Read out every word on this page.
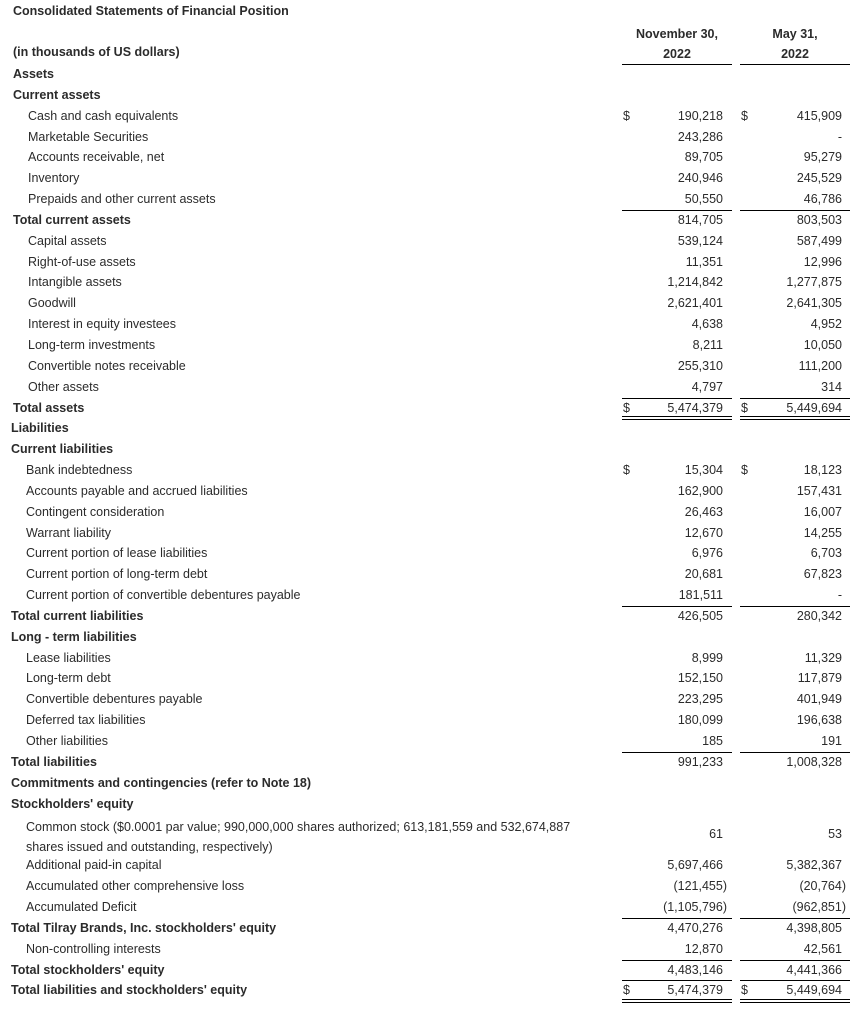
Consolidated Statements of Financial Position
November 30,
2022
May 31,
2022
(in thousands of US dollars)
Assets
Current assets
Cash and cash equivalents	$	190,218 $	415,909
Marketable Securities	243,286	-
Accounts receivable, net	89,705	95,279
Inventory	240,946	245,529
Prepaids and other current assets	50,550	46,786
Total current assets	814,705	803,503
Capital assets	539,124	587,499
Right-of-use assets	11,351	12,996
Intangible assets	1,214,842	1,277,875
Goodwill	2,621,401	2,641,305
Interest in equity investees	4,638	4,952
Long-term investments	8,211	10,050
Convertible notes receivable	255,310	111,200
Other assets	4,797	314
Total assets	$	5,474,379 $	5,449,694
Liabilities
Current liabilities
Bank indebtedness	$	15,304 $	18,123
Accounts payable and accrued liabilities	162,900	157,431
Contingent consideration	26,463	16,007
Warrant liability	12,670	14,255
Current portion of lease liabilities	6,976	6,703
Current portion of long-term debt	20,681	67,823
Current portion of convertible debentures payable	181,511	-
Total current liabilities	426,505	280,342
Long - term liabilities
Lease liabilities	8,999	11,329
Long-term debt	152,150	117,879
Convertible debentures payable	223,295	401,949
Deferred tax liabilities	180,099	196,638
Other liabilities	185	191
Total liabilities	991,233	1,008,328
Commitments and contingencies (refer to Note 18)
Stockholders' equity
Common stock ($0.0001 par value; 990,000,000 shares authorized; 613,181,559 and 532,674,887 shares issued and outstanding, respectively)
61	53
Additional paid-in capital	5,697,466	5,382,367
Accumulated other comprehensive loss	(121,455)	(20,764)
Accumulated Deficit	(1,105,796)	(962,851)
Total Tilray Brands, Inc. stockholders' equity	4,470,276	4,398,805
Non-controlling interests	12,870	42,561
Total stockholders' equity	4,483,146	4,441,366
Total liabilities and stockholders' equity	$	5,474,379 $	5,449,694
